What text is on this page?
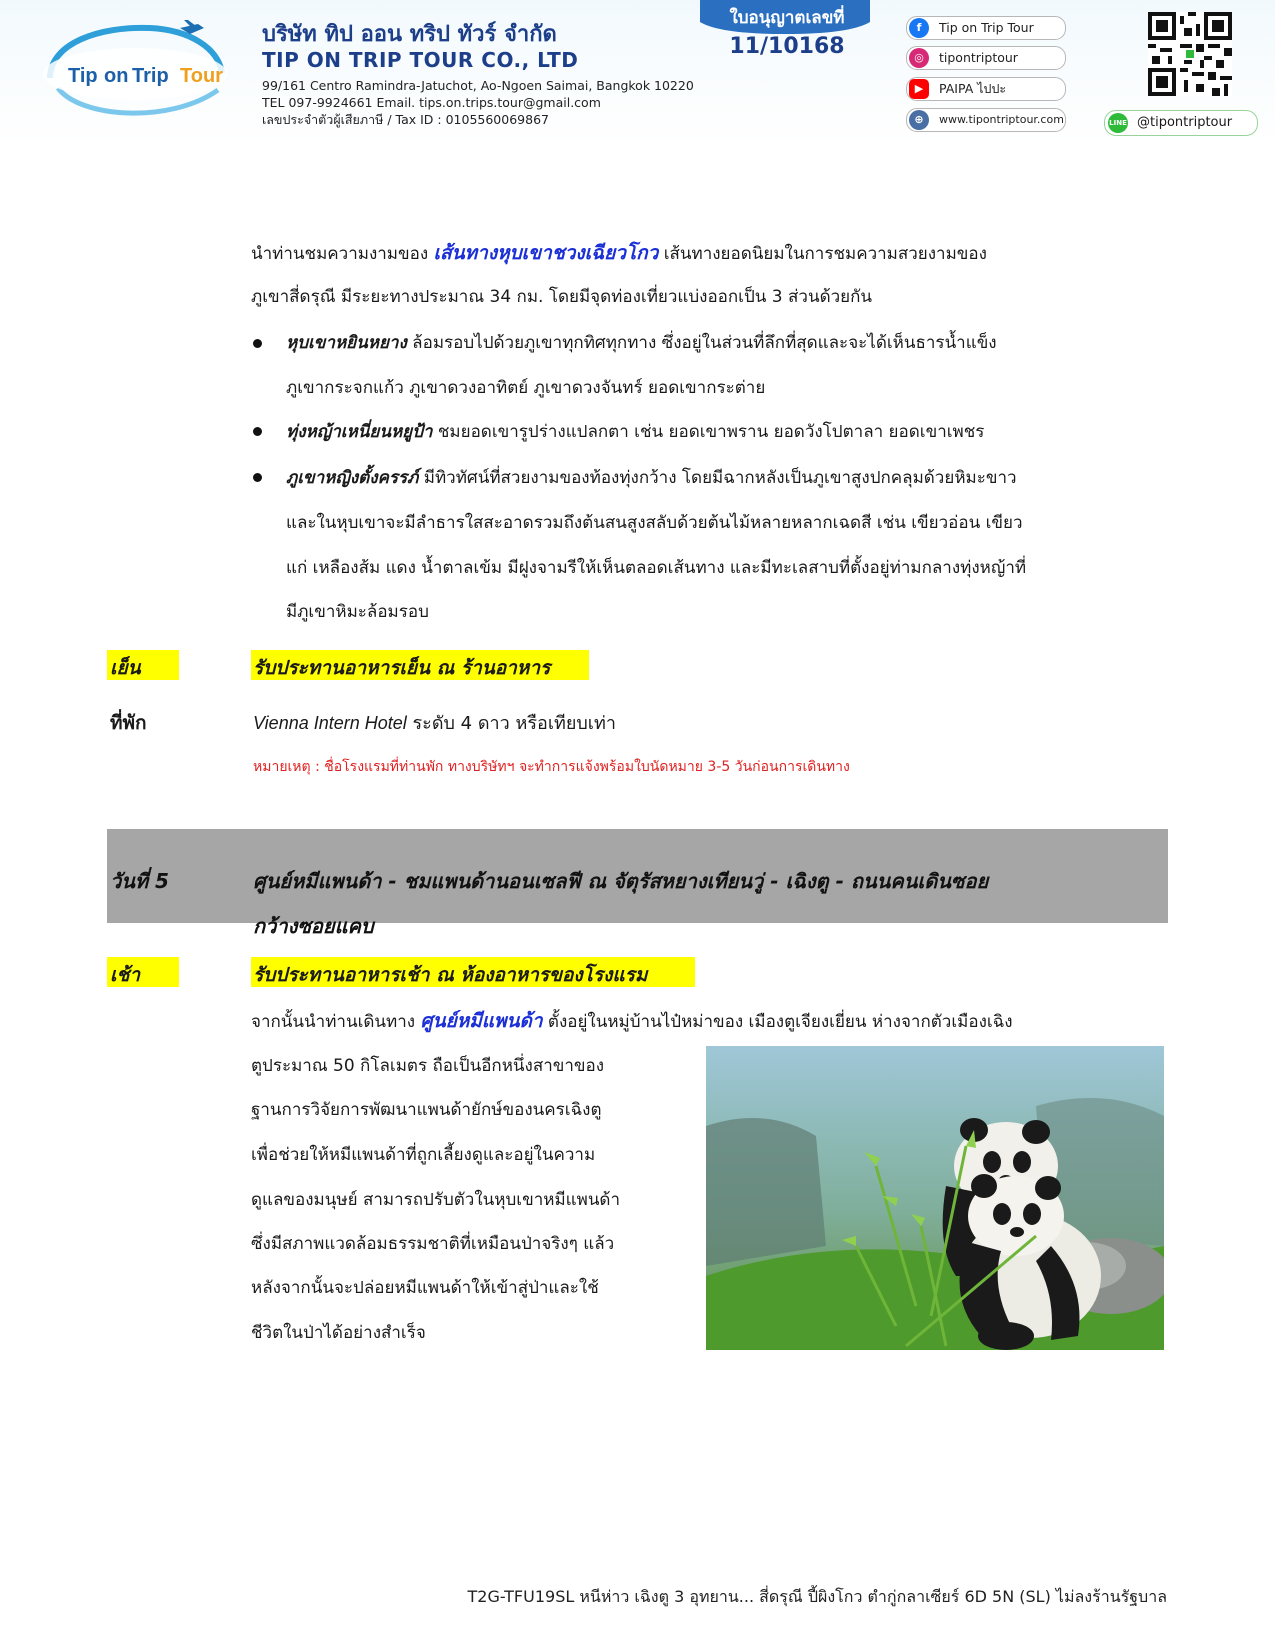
Tip on Trip Tour
บริษัท ทิป ออน ทริป ทัวร์ จำกัด
TIP ON TRIP TOUR CO., LTD
99/161 Centro Ramindra-Jatuchot, Ao-Ngoen Saimai, Bangkok 10220
TEL 097-9924661 Email. tips.on.trips.tour@gmail.com
เลขประจำตัวผู้เสียภาษี / Tax ID : 0105560069867
ใบอนุญาตเลขที่
11/10168
f	Tip on Trip Tour
◎	tipontriptour
▶	PAIPA ไปปะ
⊕	www.tipontriptour.com	LINE @tipontriptour
นำท่านชมความงามของ เส้นทางหุบเขาชวงเฉียวโกว เส้นทางยอดนิยมในการชมความสวยงามของ
ภูเขาสี่ดรุณี มีระยะทางประมาณ 34 กม. โดยมีจุดท่องเที่ยวแบ่งออกเป็น 3 ส่วนด้วยกัน
หุบเขาหยินหยาง ล้อมรอบไปด้วยภูเขาทุกทิศทุกทาง ซึ่งอยู่ในส่วนที่ลึกที่สุดและจะได้เห็นธารน้ำแข็ง
ภูเขากระจกแก้ว ภูเขาดวงอาทิตย์ ภูเขาดวงจันทร์ ยอดเขากระต่าย
ทุ่งหญ้าเหนี่ยนหยูป้า ชมยอดเขารูปร่างแปลกตา เช่น ยอดเขาพราน ยอดวังโปตาลา ยอดเขาเพชร
ภูเขาหญิงตั้งครรภ์ มีทิวทัศน์ที่สวยงามของท้องทุ่งกว้าง โดยมีฉากหลังเป็นภูเขาสูงปกคลุมด้วยหิมะขาว
และในหุบเขาจะมีลำธารใสสะอาดรวมถึงต้นสนสูงสลับด้วยต้นไม้หลายหลากเฉดสี เช่น เขียวอ่อน เขียว
แก่ เหลืองส้ม แดง น้ำตาลเข้ม มีฝูงจามรีให้เห็นตลอดเส้นทาง และมีทะเลสาบที่ตั้งอยู่ท่ามกลางทุ่งหญ้าที่
มีภูเขาหิมะล้อมรอบ
เย็น	รับประทานอาหารเย็น ณ ร้านอาหาร
ที่พัก	Vienna Intern Hotel ระดับ 4 ดาว หรือเทียบเท่า
หมายเหตุ : ชื่อโรงแรมที่ท่านพัก ทางบริษัทฯ จะทำการแจ้งพร้อมใบนัดหมาย 3-5 วันก่อนการเดินทาง
วันที่ 5	ศูนย์หมีแพนด้า - ชมแพนด้านอนเซลฟี ณ จัตุรัสหยางเทียนวู่ - เฉิงตู - ถนนคนเดินซอย
กว้างซอยแคบ
เช้า	รับประทานอาหารเช้า ณ ห้องอาหารของโรงแรม
จากนั้นนำท่านเดินทาง ศูนย์หมีแพนด้า ตั้งอยู่ในหมู่บ้านไป๋หม่าของ เมืองตูเจียงเยี่ยน ห่างจากตัวเมืองเฉิง
ตูประมาณ 50 กิโลเมตร ถือเป็นอีกหนึ่งสาขาของ
ฐานการวิจัยการพัฒนาแพนด้ายักษ์ของนครเฉิงตู
เพื่อช่วยให้หมีแพนด้าที่ถูกเลี้ยงดูและอยู่ในความ
ดูแลของมนุษย์ สามารถปรับตัวในหุบเขาหมีแพนด้า
ซึ่งมีสภาพแวดล้อมธรรมชาติที่เหมือนป่าจริงๆ แล้ว
หลังจากนั้นจะปล่อยหมีแพนด้าให้เข้าสู่ป่าและใช้
ชีวิตในป่าได้อย่างสำเร็จ
T2G-TFU19SL หนีห่าว เฉิงตู 3 อุทยาน... สี่ดรุณี ปี้ผิงโกว ตำกู่กลาเซียร์ 6D 5N (SL) ไม่ลงร้านรัฐบาล
